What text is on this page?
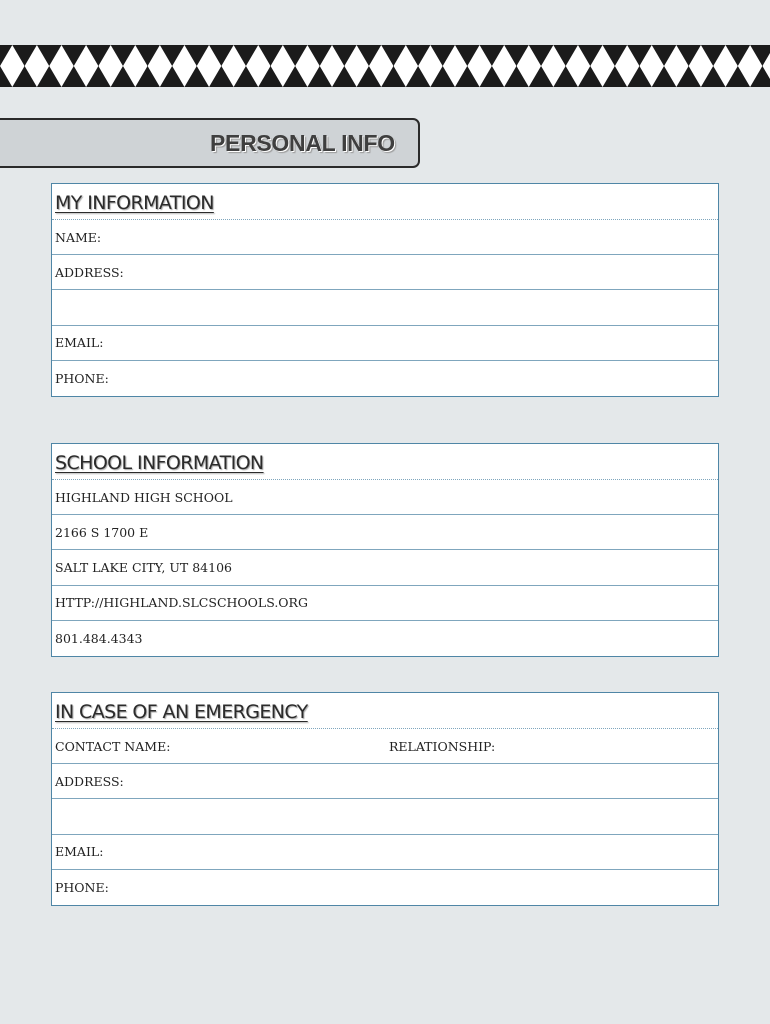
PERSONAL INFO
MY INFORMATION
NAME:
ADDRESS:
EMAIL:
PHONE:
SCHOOL INFORMATION
HIGHLAND HIGH SCHOOL
2166 S 1700 E
SALT LAKE CITY, UT 84106
HTTP://HIGHLAND.SLCSCHOOLS.ORG
801.484.4343
IN CASE OF AN EMERGENCY
CONTACT NAME:	RELATIONSHIP:
ADDRESS:
EMAIL:
PHONE:
